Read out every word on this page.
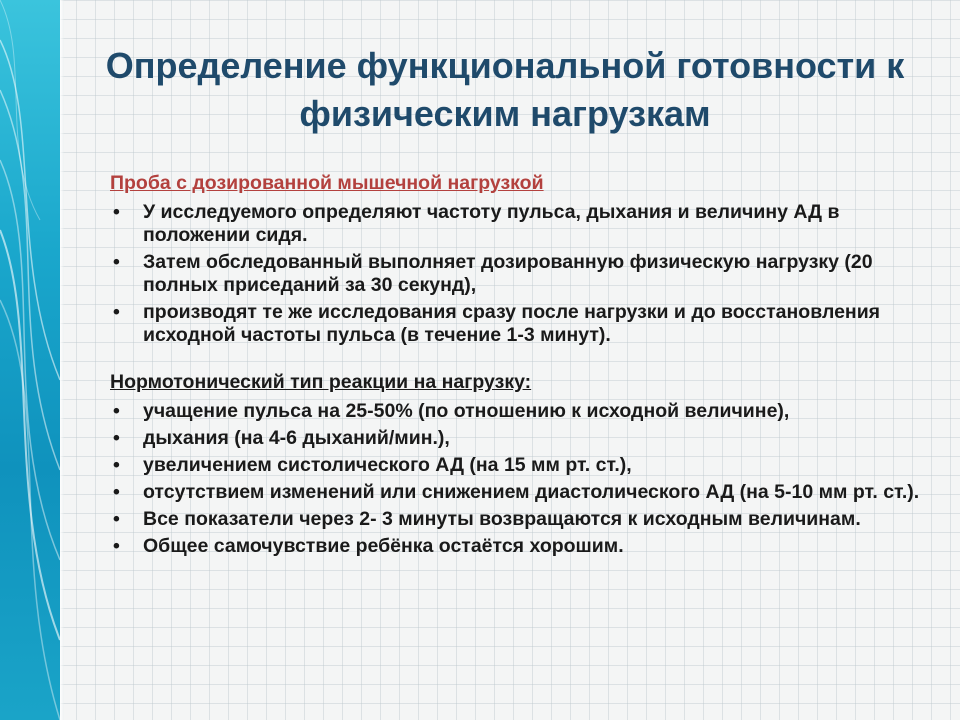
Определение функциональной готовности к физическим нагрузкам
Проба с дозированной мышечной нагрузкой
• У исследуемого определяют частоту пульса, дыхания и величину АД в положении сидя.
• Затем обследованный выполняет дозированную физическую нагрузку (20 полных приседаний за 30 секунд),
• производят те же исследования сразу после нагрузки и до восстановления исходной частоты пульса (в течение 1-3 минут).
Нормотонический тип реакции на нагрузку:
• учащение пульса на 25-50% (по отношению к исходной величине),
• дыхания (на 4-6 дыханий/мин.),
• увеличением систолического АД (на 15 мм рт. ст.),
• отсутствием изменений или снижением диастолического АД (на 5-10 мм рт. ст.).
• Все показатели через 2- 3 минуты возвращаются к исходным величинам.
• Общее самочувствие ребёнка остаётся хорошим.
